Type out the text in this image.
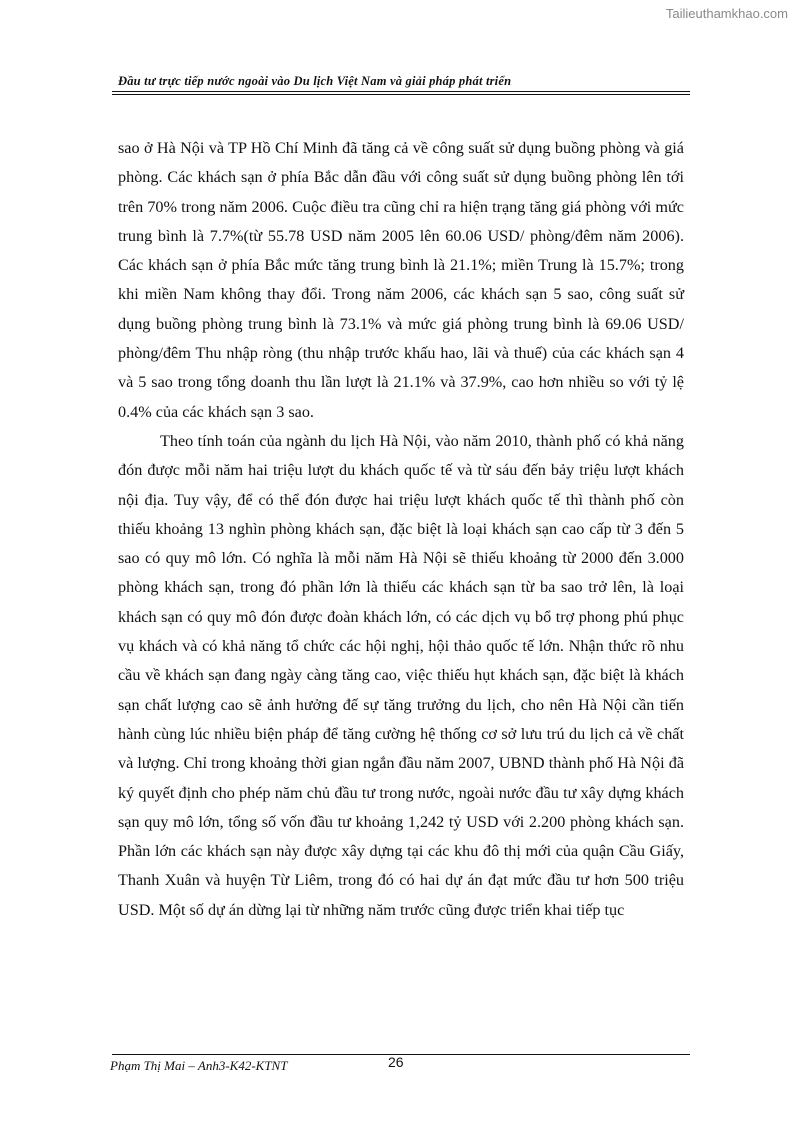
Tailieuthamkhao.com
Đầu tư trực tiếp nước ngoài vào Du lịch Việt Nam và giải pháp phát triển

sao ở Hà Nội và TP Hồ Chí Minh đã tăng cả về công suất sử dụng buồng phòng và giá phòng. Các khách sạn ở phía Bắc dẫn đầu với công suất sử dụng buồng phòng lên tới trên 70% trong năm 2006. Cuộc điều tra cũng chỉ ra hiện trạng tăng giá phòng với mức trung bình là 7.7%(từ 55.78 USD năm 2005 lên 60.06 USD/ phòng/đêm năm 2006). Các khách sạn ở phía Bắc mức tăng trung bình là 21.1%; miền Trung là 15.7%; trong khi miền Nam không thay đổi. Trong năm 2006, các khách sạn 5 sao, công suất sử dụng buồng phòng trung bình là 73.1% và mức giá phòng trung bình là 69.06 USD/ phòng/đêm Thu nhập ròng (thu nhập trước khấu hao, lãi và thuế) của các khách sạn 4 và 5 sao trong tổng doanh thu lần lượt là 21.1% và 37.9%, cao hơn nhiều so với tỷ lệ 0.4% của các khách sạn 3 sao.

Theo tính toán của ngành du lịch Hà Nội, vào năm 2010, thành phố có khả năng đón được mỗi năm hai triệu lượt du khách quốc tế và từ sáu đến bảy triệu lượt khách nội địa. Tuy vậy, để có thể đón được hai triệu lượt khách quốc tế thì thành phố còn thiếu khoảng 13 nghìn phòng khách sạn, đặc biệt là loại khách sạn cao cấp từ 3 đến 5 sao có quy mô lớn. Có nghĩa là mỗi năm Hà Nội sẽ thiếu khoảng từ 2000 đến 3.000 phòng khách sạn, trong đó phần lớn là thiếu các khách sạn từ ba sao trở lên, là loại khách sạn có quy mô đón được đoàn khách lớn, có các dịch vụ bổ trợ phong phú phục vụ khách và có khả năng tổ chức các hội nghị, hội thảo quốc tế lớn. Nhận thức rõ nhu cầu về khách sạn đang ngày càng tăng cao, việc thiếu hụt khách sạn, đặc biệt là khách sạn chất lượng cao sẽ ảnh hưởng đế sự tăng trưởng du lịch, cho nên Hà Nội cần tiến hành cùng lúc nhiều biện pháp để tăng cường hệ thống cơ sở lưu trú du lịch cả về chất và lượng. Chỉ trong khoảng thời gian ngắn đầu năm 2007, UBND thành phố Hà Nội đã ký quyết định cho phép năm chủ đầu tư trong nước, ngoài nước đầu tư xây dựng khách sạn quy mô lớn, tổng số vốn đầu tư khoảng 1,242 tỷ USD với 2.200 phòng khách sạn. Phần lớn các khách sạn này được xây dựng tại các khu đô thị mới của quận Cầu Giấy, Thanh Xuân và huyện Từ Liêm, trong đó có hai dự án đạt mức đầu tư hơn 500 triệu USD. Một số dự án dừng lại từ những năm trước cũng được triển khai tiếp tục

Phạm Thị Mai – Anh3-K42-KTNT	26
